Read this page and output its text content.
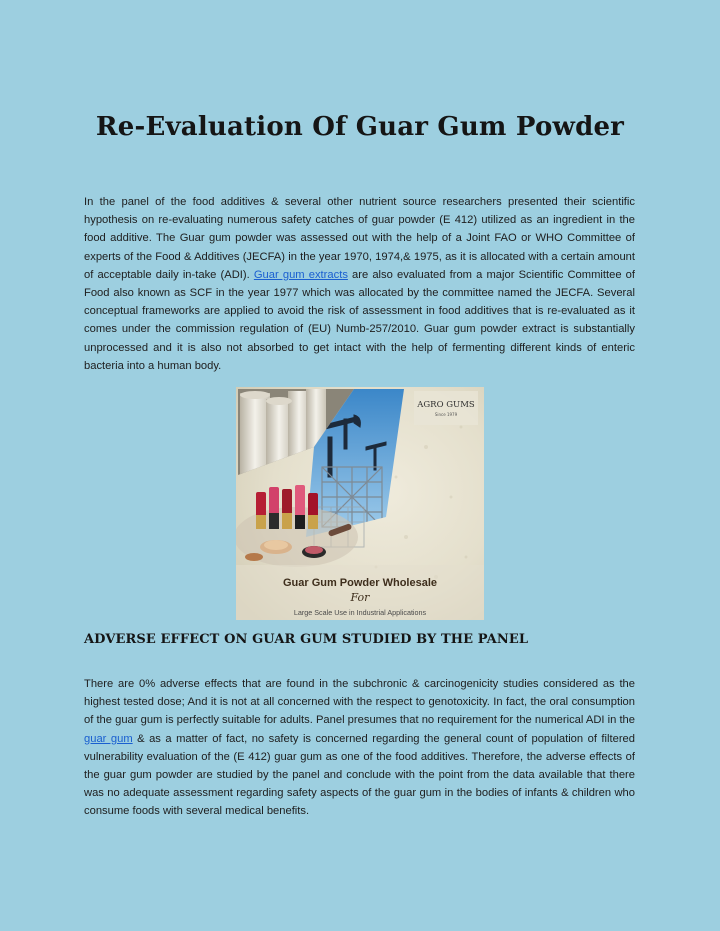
Re-Evaluation Of Guar Gum Powder

In the panel of the food additives & several other nutrient source researchers presented their scientific hypothesis on re-evaluating numerous safety catches of guar powder (E 412) utilized as an ingredient in the food additive. The Guar gum powder was assessed out with the help of a Joint FAO or WHO Committee of experts of the Food & Additives (JECFA) in the year 1970, 1974,& 1975, as it is allocated with a certain amount of acceptable daily in-take (ADI). Guar gum extracts are also evaluated from a major Scientific Committee of Food also known as SCF in the year 1977 which was allocated by the committee named the JECFA. Several conceptual frameworks are applied to avoid the risk of assessment in food additives that is re-evaluated as it comes under the commission regulation of (EU) Numb-257/2010. Guar gum powder extract is substantially unprocessed and it is also not absorbed to get intact with the help of fermenting different kinds of enteric bacteria into a human body.

AGRO GUMS
Since 1979
Guar Gum Powder Wholesale
For
Large Scale Use in Industrial Applications
ADVERSE EFFECT ON GUAR GUM STUDIED BY THE PANEL

There are 0% adverse effects that are found in the subchronic & carcinogenicity studies considered as the highest tested dose; And it is not at all concerned with the respect to genotoxicity. In fact, the oral consumption of the guar gum is perfectly suitable for adults. Panel presumes that no requirement for the numerical ADI in the guar gum & as a matter of fact, no safety is concerned regarding the general count of population of filtered vulnerability evaluation of the (E 412) guar gum as one of the food additives. Therefore, the adverse effects of the guar gum powder are studied by the panel and conclude with the point from the data available that there was no adequate assessment regarding safety aspects of the guar gum in the bodies of infants & children who consume foods with several medical benefits.
